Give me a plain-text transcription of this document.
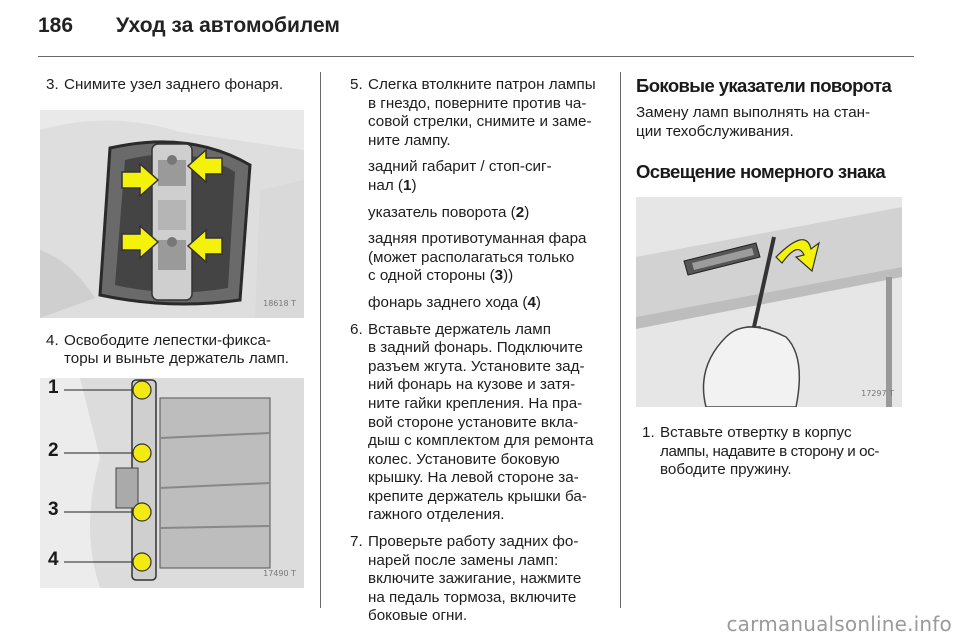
186 Уход за автомобилем

3. Снимите узел заднего фонаря.

18618 T

4. Освободите лепестки-фикса-
торы и выньте держатель ламп.

1
2
3
4
17490 T

5. Слегка втолкните патрон лампы
в гнездо, поверните против ча-
совой стрелки, снимите и заме-
ните лампу.

задний габарит / стоп-сиг-
нал (1)
указатель поворота (2)
задняя противотуманная фара
(может располагаться только
с одной стороны (3))
фонарь заднего хода (4)

6. Вставьте держатель ламп
в задний фонарь. Подключите
разъем жгута. Установите зад-
ний фонарь на кузове и затя-
ните гайки крепления. На пра-
вой стороне установите вкла-
дыш с комплектом для ремонта
колес. Установите боковую
крышку. На левой стороне за-
крепите держатель крышки ба-
гажного отделения.

7. Проверьте работу задних фо-
нарей после замены ламп:
включите зажигание, нажмите
на педаль тормоза, включите
боковые огни.

Боковые указатели поворота

Замену ламп выполнять на стан-
ции техобслуживания.

Освещение номерного знака
17297 T

1. Вставьте отвертку в корпус
лампы, надавите в сторону и ос-
вободите пружину.

carmanualsonline.info
